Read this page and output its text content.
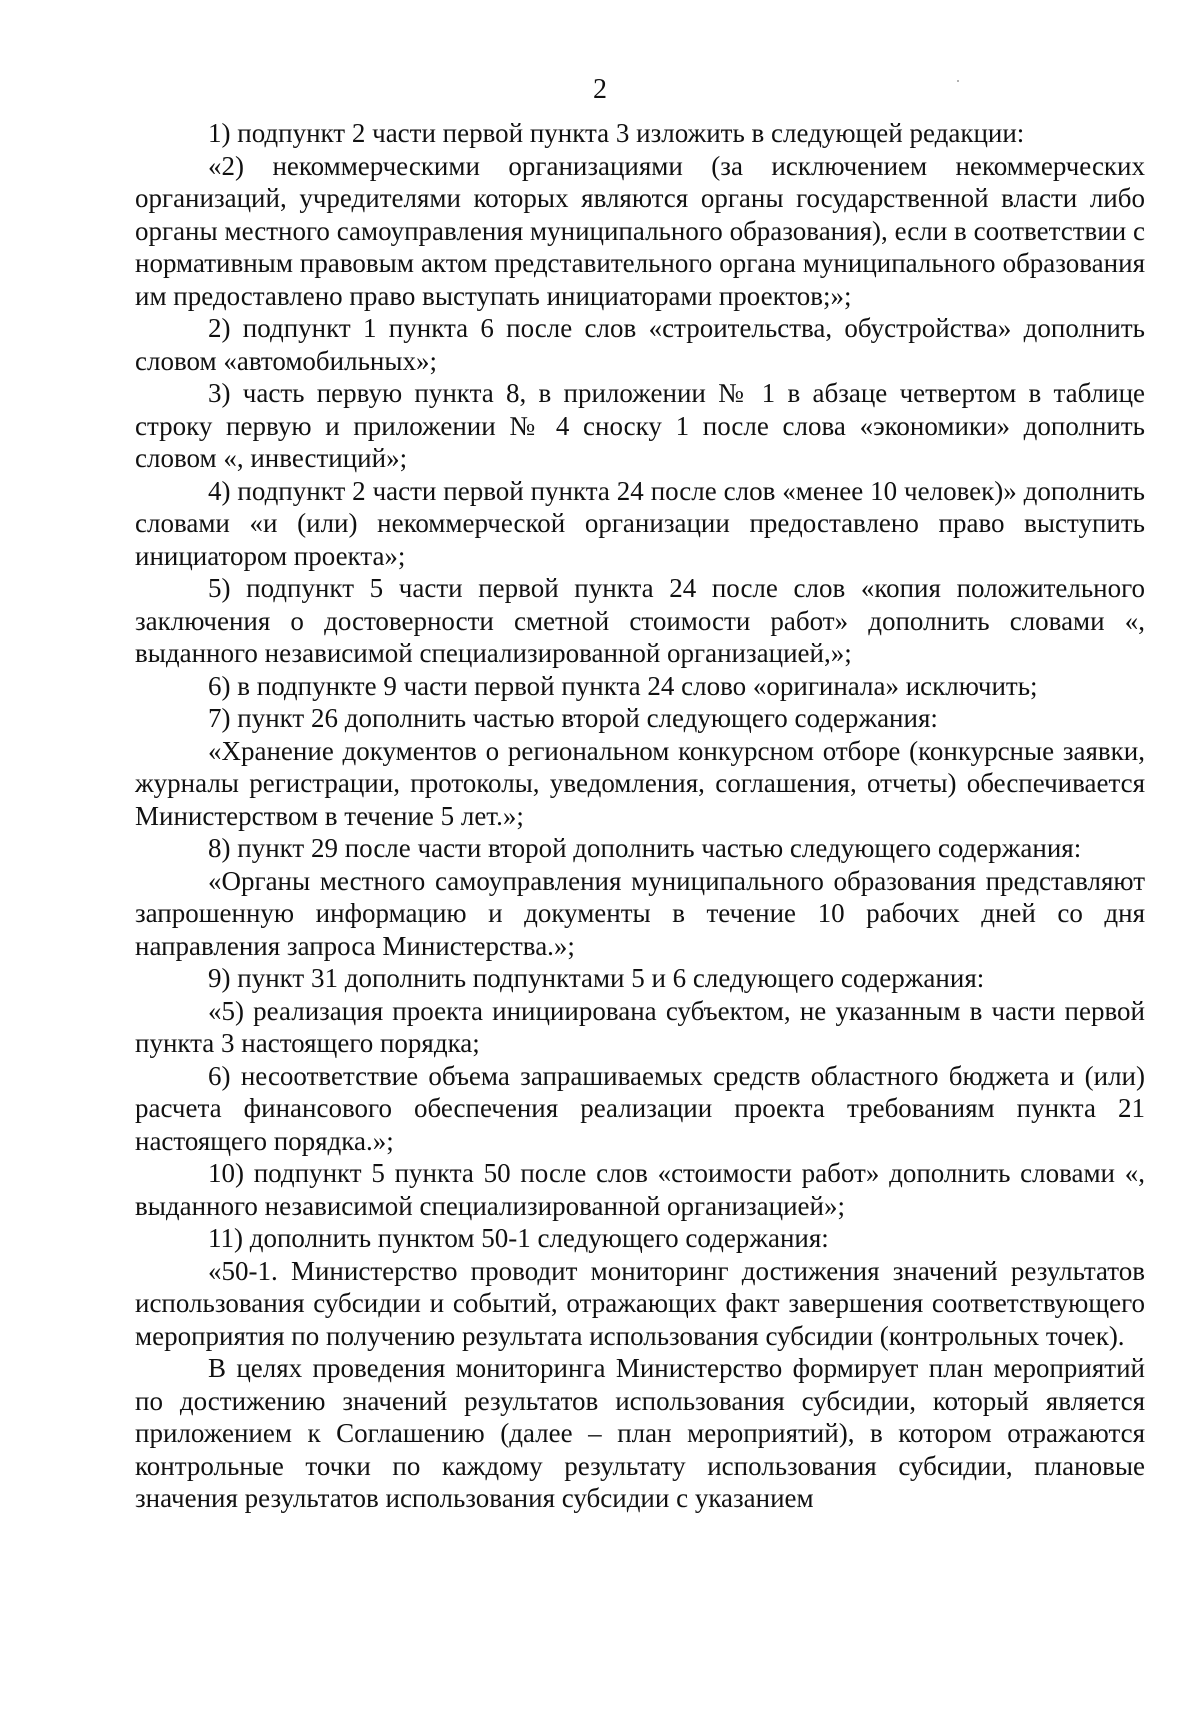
2

1) подпункт 2 части первой пункта 3 изложить в следующей редакции:

«2) некоммерческими организациями (за исключением некоммерческих организаций, учредителями которых являются органы государственной власти либо органы местного самоуправления муниципального образования), если в соответствии с нормативным правовым актом представительного органа муниципального образования им предоставлено право выступать инициаторами проектов;»;

2) подпункт 1 пункта 6 после слов «строительства, обустройства» дополнить словом «автомобильных»;

3) часть первую пункта 8, в приложении № 1 в абзаце четвертом в таблице строку первую и приложении № 4 сноску 1 после слова «экономики» дополнить словом «, инвестиций»;

4) подпункт 2 части первой пункта 24 после слов «менее 10 человек)» дополнить словами «и (или) некоммерческой организации предоставлено право выступить инициатором проекта»;

5) подпункт 5 части первой пункта 24 после слов «копия положительного заключения о достоверности сметной стоимости работ» дополнить словами «, выданного независимой специализированной организацией,»;

6) в подпункте 9 части первой пункта 24 слово «оригинала» исключить;

7) пункт 26 дополнить частью второй следующего содержания:

«Хранение документов о региональном конкурсном отборе (конкурсные заявки, журналы регистрации, протоколы, уведомления, соглашения, отчеты) обеспечивается Министерством в течение 5 лет.»;

8) пункт 29 после части второй дополнить частью следующего содержания:

«Органы местного самоуправления муниципального образования представляют запрошенную информацию и документы в течение 10 рабочих дней со дня направления запроса Министерства.»;

9) пункт 31 дополнить подпунктами 5 и 6 следующего содержания:

«5) реализация проекта инициирована субъектом, не указанным в части первой пункта 3 настоящего порядка;

6) несоответствие объема запрашиваемых средств областного бюджета и (или) расчета финансового обеспечения реализации проекта требованиям пункта 21 настоящего порядка.»;

10) подпункт 5 пункта 50 после слов «стоимости работ» дополнить словами «, выданного независимой специализированной организацией»;

11) дополнить пунктом 50-1 следующего содержания:

«50-1. Министерство проводит мониторинг достижения значений результатов использования субсидии и событий, отражающих факт завершения соответствующего мероприятия по получению результата использования субсидии (контрольных точек).

В целях проведения мониторинга Министерство формирует план мероприятий по достижению значений результатов использования субсидии, который является приложением к Соглашению (далее – план мероприятий), в котором отражаются контрольные точки по каждому результату использования субсидии, плановые значения результатов использования субсидии с указанием
